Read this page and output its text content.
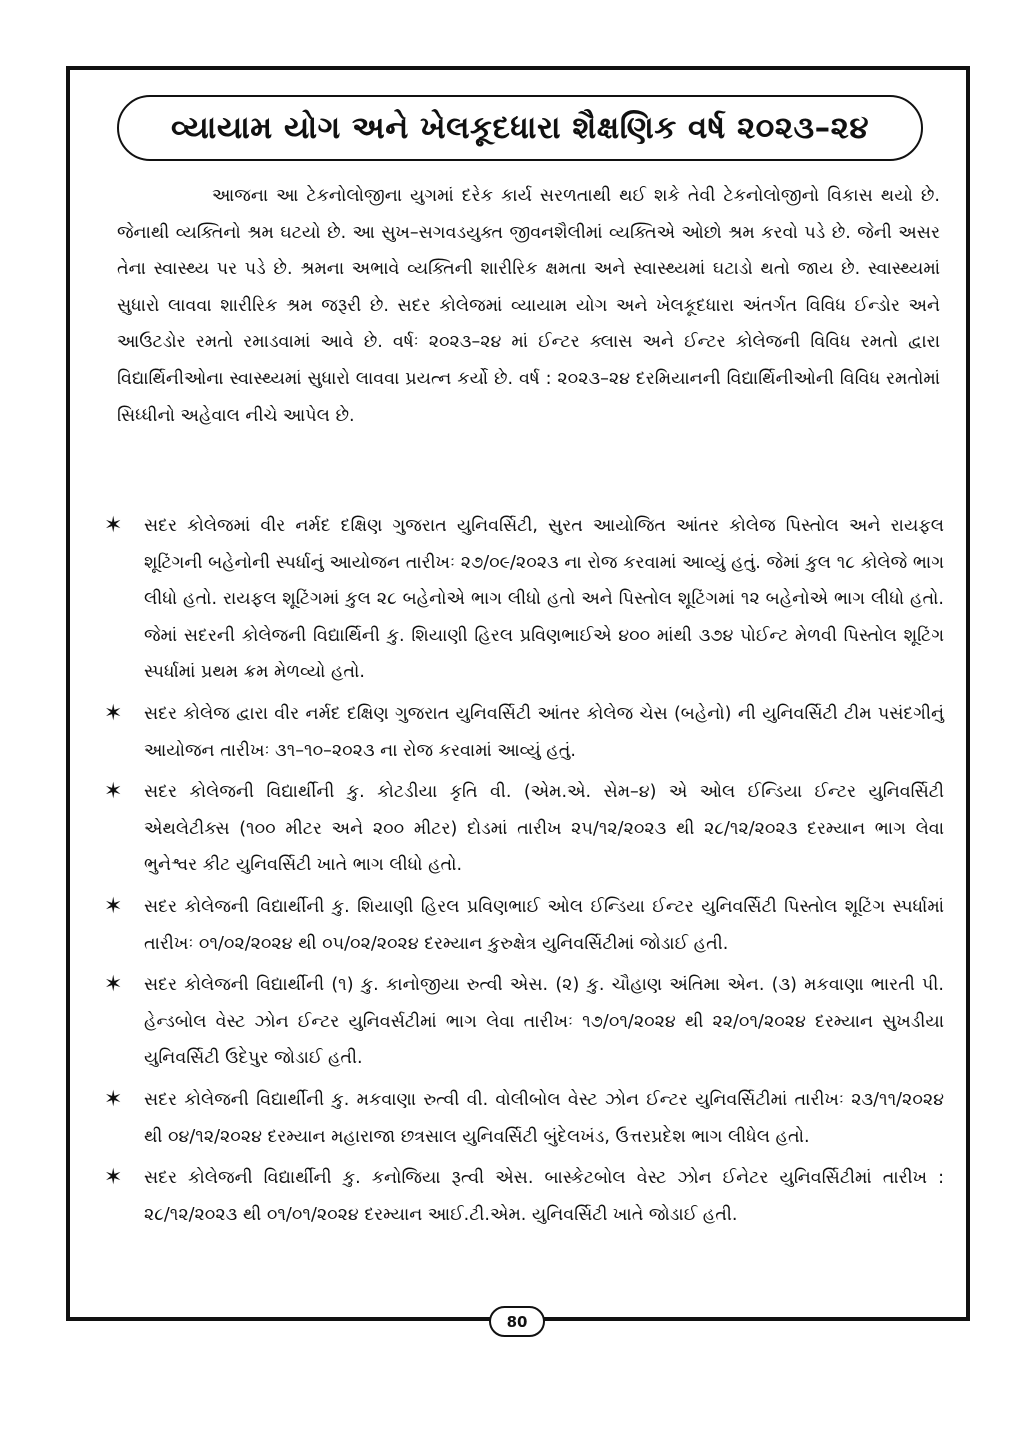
વ્યાયામ યોગ અને ખેલકૂદધારા શૈક્ષણિક વર્ષ ૨૦૨૩–૨૪

આજના આ ટેકનોલોજીના યુગમાં દરેક કાર્ય સરળતાથી થઈ શકે તેવી ટેકનોલોજીનો વિકાસ થયો છે. જેનાથી વ્યક્તિનો શ્રમ ઘટયો છે. આ સુખ–સગવડયુક્ત જીવનશૈલીમાં વ્યક્તિએ ઓછો શ્રમ કરવો પડે છે. જેની અસર તેના સ્વાસ્થ્ય પર પડે છે. શ્રમના અભાવે વ્યક્તિની શારીરિક ક્ષમતા અને સ્વાસ્થ્યમાં ઘટાડો થતો જાય છે. સ્વાસ્થ્યમાં સુધારો લાવવા શારીરિક શ્રમ જરૂરી છે. સદર કોલેજમાં વ્યાયામ યોગ અને ખેલકૂદધારા અંતર્ગત વિવિધ ઈન્ડોર અને આઉટડોર રમતો રમાડવામાં આવે છે. વર્ષઃ ૨૦૨૩–૨૪ માં ઈન્ટર ક્લાસ અને ઈન્ટર કોલેજની વિવિધ રમતો દ્વારા વિદ્યાર્થિનીઓના સ્વાસ્થ્યમાં સુધારો લાવવા પ્રયત્ન કર્યો છે. વર્ષ : ૨૦૨૩–૨૪ દરમિયાનની વિદ્યાર્થિનીઓની વિવિધ રમતોમાં સિધ્ધીનો અહેવાલ નીચે આપેલ છે.

✶ સદર કોલેજમાં વીર નર્મદ દક્ષિણ ગુજરાત યુનિવર્સિટી, સુરત આયોજિત આંતર કોલેજ પિસ્તોલ અને રાયફલ શૂટિંગની બહેનોની સ્પર્ધાનું આયોજન તારીખઃ ૨૭/૦૯/૨૦૨૩ ના રોજ કરવામાં આવ્યું હતું. જેમાં કુલ ૧૮ કોલેજે ભાગ લીધો હતો. રાયફલ શૂટિંગમાં કુલ ૨૮ બહેનોએ ભાગ લીધો હતો અને પિસ્તોલ શૂટિંગમાં ૧૨ બહેનોએ ભાગ લીધો હતો. જેમાં સદરની કોલેજની વિદ્યાર્થિની કુ. શિયાણી હિરલ પ્રવિણભાઈએ ૪૦૦ માંથી ૩૭૪ પોઈન્ટ મેળવી પિસ્તોલ શૂટિંગ સ્પર્ધામાં પ્રથમ ક્રમ મેળવ્યો હતો.
✶ સદર કોલેજ દ્વારા વીર નર્મદ દક્ષિણ ગુજરાત યુનિવર્સિટી આંતર કોલેજ ચેસ (બહેનો) ની યુનિવર્સિટી ટીમ પસંદગીનું આયોજન તારીખઃ ૩૧–૧૦–૨૦૨૩ ના રોજ કરવામાં આવ્યું હતું.
✶ સદર કોલેજની વિદ્યાર્થીની કુ. કોટડીયા કૃતિ વી. (એમ.એ. સેમ–૪) એ ઓલ ઈન્ડિયા ઈન્ટર યુનિવર્સિટી એથલેટીક્સ (૧૦૦ મીટર અને ૨૦૦ મીટર) દોડમાં તારીખ ૨૫/૧૨/૨૦૨૩ થી ૨૮/૧૨/૨૦૨૩ દરમ્યાન ભાગ લેવા ભુનેશ્વર કીટ યુનિવર્સિટી ખાતે ભાગ લીધો હતો.
✶ સદર કોલેજની વિદ્યાર્થીની કુ. શિયાણી હિરલ પ્રવિણભાઈ ઓલ ઈન્ડિયા ઈન્ટર યુનિવર્સિટી પિસ્તોલ શૂટિંગ સ્પર્ધામાં તારીખઃ ૦૧/૦૨/૨૦૨૪ થી ૦૫/૦૨/૨૦૨૪ દરમ્યાન કુરુક્ષેત્ર યુનિવર્સિટીમાં જોડાઈ હતી.
✶ સદર કોલેજની વિદ્યાર્થીની (૧) કુ. કાનોજીયા રુત્વી એસ. (૨) કુ. ચૌહાણ અંતિમા એન. (૩) મકવાણા ભારતી પી. હેન્ડબોલ વેસ્ટ ઝોન ઈન્ટર યુનિવર્સટીમાં ભાગ લેવા તારીખઃ ૧૭/૦૧/૨૦૨૪ થી ૨૨/૦૧/૨૦૨૪ દરમ્યાન સુખડીયા યુનિવર્સિટી ઉદેપુર જોડાઈ હતી.
✶ સદર કોલેજની વિદ્યાર્થીની કુ. મકવાણા રુત્વી વી. વોલીબોલ વેસ્ટ ઝોન ઈન્ટર યુનિવર્સિટીમાં તારીખઃ ૨૩/૧૧/૨૦૨૪ થી ૦૪/૧૨/૨૦૨૪ દરમ્યાન મહારાજા છત્રસાલ યુનિવર્સિટી બુંદેલખંડ, ઉત્તરપ્રદેશ ભાગ લીધેલ હતો.
✶ સદર કોલેજની વિદ્યાર્થીની કુ. કનોજિયા રૂત્વી એસ. બાસ્કેટબોલ વેસ્ટ ઝોન ઈનેટર યુનિવર્સિટીમાં તારીખ : ૨૮/૧૨/૨૦૨૩ થી ૦૧/૦૧/૨૦૨૪ દરમ્યાન આઈ.ટી.એમ. યુનિવર્સિટી ખાતે જોડાઈ હતી.
80
